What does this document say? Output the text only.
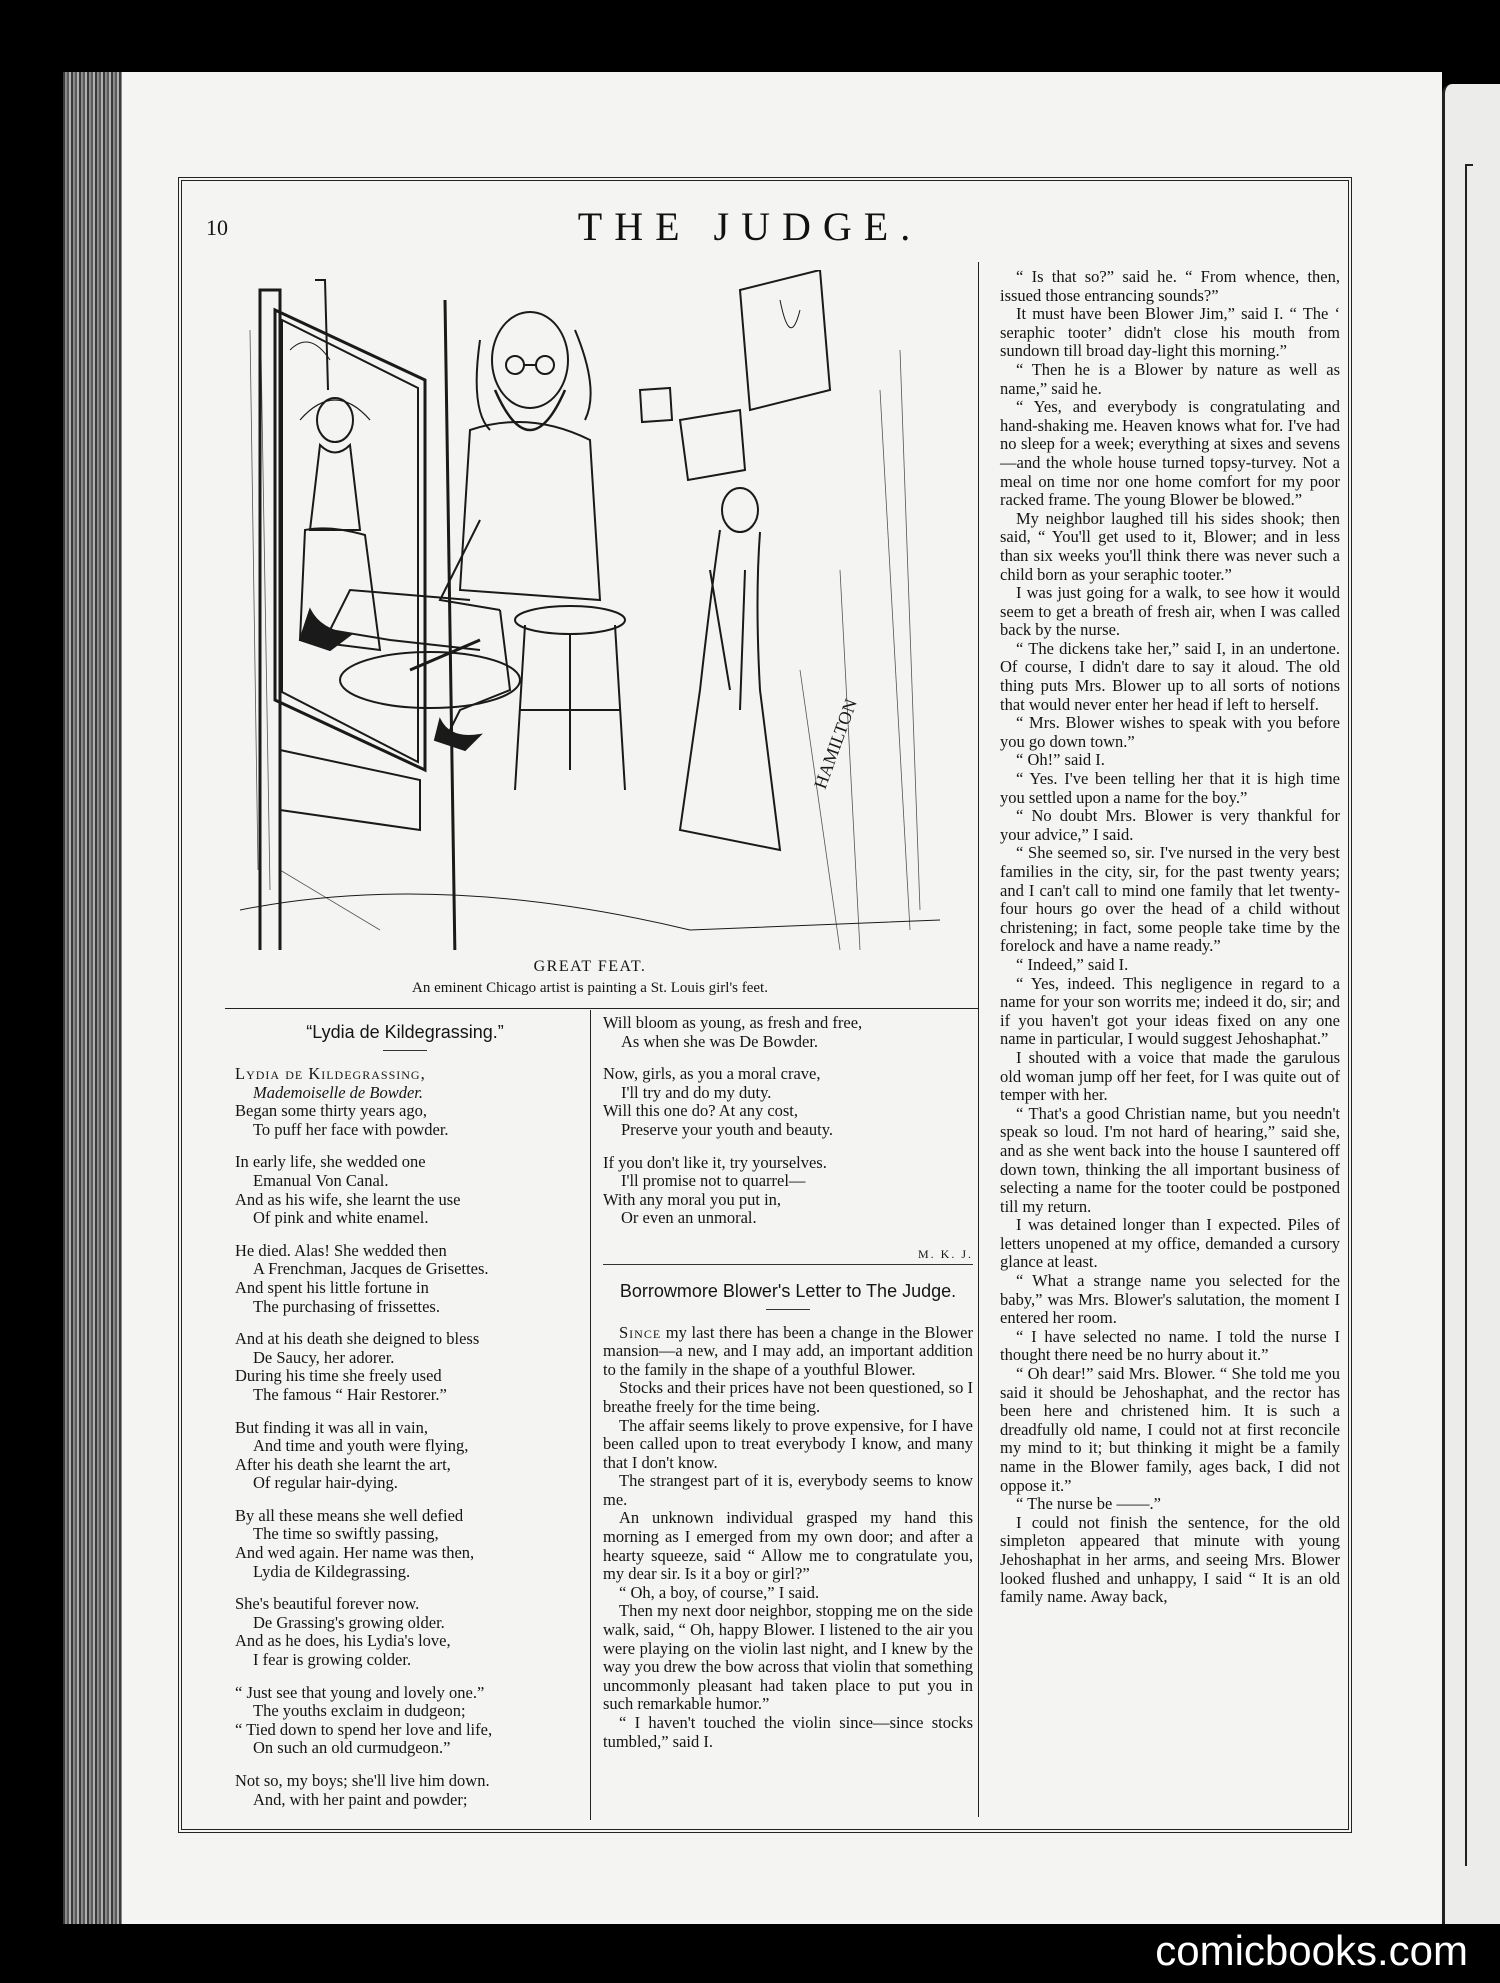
10	THE JUDGE.
HAMILTON
GREAT FEAT.
An eminent Chicago artist is painting a St. Louis girl's feet.
“Lydia de Kildegrassing.”
Lydia de Kildegrassing,
Mademoiselle de Bowder.
Began some thirty years ago,
To puff her face with powder.
In early life, she wedded one
Emanual Von Canal.
And as his wife, she learnt the use
Of pink and white enamel.
He died. Alas! She wedded then
A Frenchman, Jacques de Grisettes.
And spent his little fortune in
The purchasing of frissettes.
And at his death she deigned to bless
De Saucy, her adorer.
During his time she freely used
The famous “ Hair Restorer.”
But finding it was all in vain,
And time and youth were flying,
After his death she learnt the art,
Of regular hair-dying.
By all these means she well defied
The time so swiftly passing,
And wed again. Her name was then,
Lydia de Kildegrassing.
She's beautiful forever now.
De Grassing's growing older.
And as he does, his Lydia's love,
I fear is growing colder.
“ Just see that young and lovely one.”
The youths exclaim in dudgeon;
“ Tied down to spend her love and life,
On such an old curmudgeon.”
Not so, my boys; she'll live him down.
And, with her paint and powder;
Will bloom as young, as fresh and free,
As when she was De Bowder.
Now, girls, as you a moral crave,
I'll try and do my duty.
Will this one do? At any cost,
Preserve your youth and beauty.
If you don't like it, try yourselves.
I'll promise not to quarrel—
With any moral you put in,
Or even an unmoral.
M. K. J.
Borrowmore Blower's Letter to The Judge.

Since my last there has been a change in the Blower mansion—a new, and I may add, an important addition to the family in the shape of a youthful Blower.

Stocks and their prices have not been questioned, so I breathe freely for the time being.

The affair seems likely to prove expensive, for I have been called upon to treat everybody I know, and many that I don't know.

The strangest part of it is, everybody seems to know me.

An unknown individual grasped my hand this morning as I emerged from my own door; and after a hearty squeeze, said “ Allow me to congratulate you, my dear sir. Is it a boy or girl?”

“ Oh, a boy, of course,” I said.

Then my next door neighbor, stopping me on the side walk, said, “ Oh, happy Blower. I listened to the air you were playing on the violin last night, and I knew by the way you drew the bow across that violin that something uncommonly pleasant had taken place to put you in such remarkable humor.”

“ I haven't touched the violin since—since stocks tumbled,” said I.

“ Is that so?” said he. “ From whence, then, issued those entrancing sounds?”

It must have been Blower Jim,” said I. “ The ‘ seraphic tooter’ didn't close his mouth from sundown till broad day-light this morning.”

“ Then he is a Blower by nature as well as name,” said he.

“ Yes, and everybody is congratulating and hand-shaking me. Heaven knows what for. I've had no sleep for a week; everything at sixes and sevens—and the whole house turned topsy-turvey. Not a meal on time nor one home comfort for my poor racked frame. The young Blower be blowed.”

My neighbor laughed till his sides shook; then said, “ You'll get used to it, Blower; and in less than six weeks you'll think there was never such a child born as your seraphic tooter.”

I was just going for a walk, to see how it would seem to get a breath of fresh air, when I was called back by the nurse.

“ The dickens take her,” said I, in an undertone. Of course, I didn't dare to say it aloud. The old thing puts Mrs. Blower up to all sorts of notions that would never enter her head if left to herself.

“ Mrs. Blower wishes to speak with you before you go down town.”

“ Oh!” said I.

“ Yes. I've been telling her that it is high time you settled upon a name for the boy.”

“ No doubt Mrs. Blower is very thankful for your advice,” I said.

“ She seemed so, sir. I've nursed in the very best families in the city, sir, for the past twenty years; and I can't call to mind one family that let twenty-four hours go over the head of a child without christening; in fact, some people take time by the forelock and have a name ready.”

“ Indeed,” said I.

“ Yes, indeed. This negligence in regard to a name for your son worrits me; indeed it do, sir; and if you haven't got your ideas fixed on any one name in particular, I would suggest Jehoshaphat.”

I shouted with a voice that made the garulous old woman jump off her feet, for I was quite out of temper with her.

“ That's a good Christian name, but you needn't speak so loud. I'm not hard of hearing,” said she, and as she went back into the house I sauntered off down town, thinking the all important business of selecting a name for the tooter could be postponed till my return.

I was detained longer than I expected. Piles of letters unopened at my office, demanded a cursory glance at least.

“ What a strange name you selected for the baby,” was Mrs. Blower's salutation, the moment I entered her room.

“ I have selected no name. I told the nurse I thought there need be no hurry about it.”

“ Oh dear!” said Mrs. Blower. “ She told me you said it should be Jehoshaphat, and the rector has been here and christened him. It is such a dreadfully old name, I could not at first reconcile my mind to it; but thinking it might be a family name in the Blower family, ages back, I did not oppose it.”

“ The nurse be ——.”

I could not finish the sentence, for the old simpleton appeared that minute with young Jehoshaphat in her arms, and seeing Mrs. Blower looked flushed and unhappy, I said “ It is an old family name. Away back,

comicbooks.com
